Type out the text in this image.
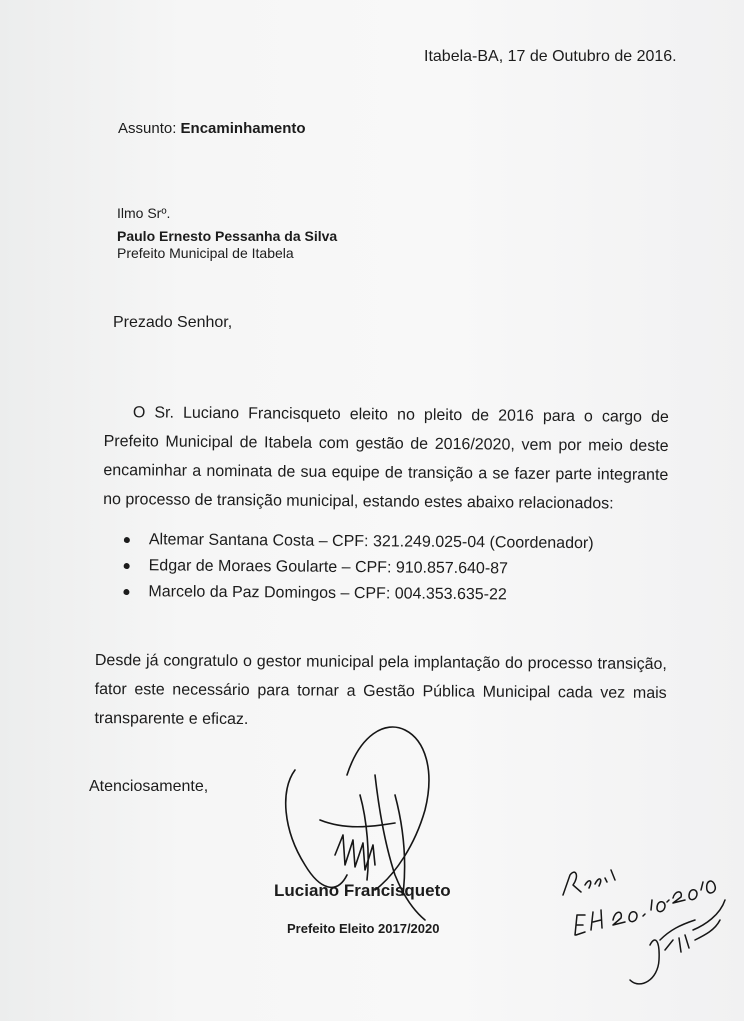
Itabela-BA, 17 de Outubro de 2016.
Assunto: Encaminhamento
Ilmo Srº.
Paulo Ernesto Pessanha da Silva
Prefeito Municipal de Itabela
Prezado Senhor,
O Sr. Luciano Francisqueto eleito no pleito de 2016 para o cargo de Prefeito Municipal de Itabela com gestão de 2016/2020, vem por meio deste encaminhar a nominata de sua equipe de transição a se fazer parte integrante no processo de transição municipal, estando estes abaixo relacionados:
Altemar Santana Costa – CPF: 321.249.025-04 (Coordenador)
Edgar de Moraes Goularte – CPF: 910.857.640-87
Marcelo da Paz Domingos – CPF: 004.353.635-22
Desde já congratulo o gestor municipal pela implantação do processo transição, fator este necessário para tornar a Gestão Pública Municipal cada vez mais transparente e eficaz.
Atenciosamente,
Luciano Francisqueto
Prefeito Eleito 2017/2020
